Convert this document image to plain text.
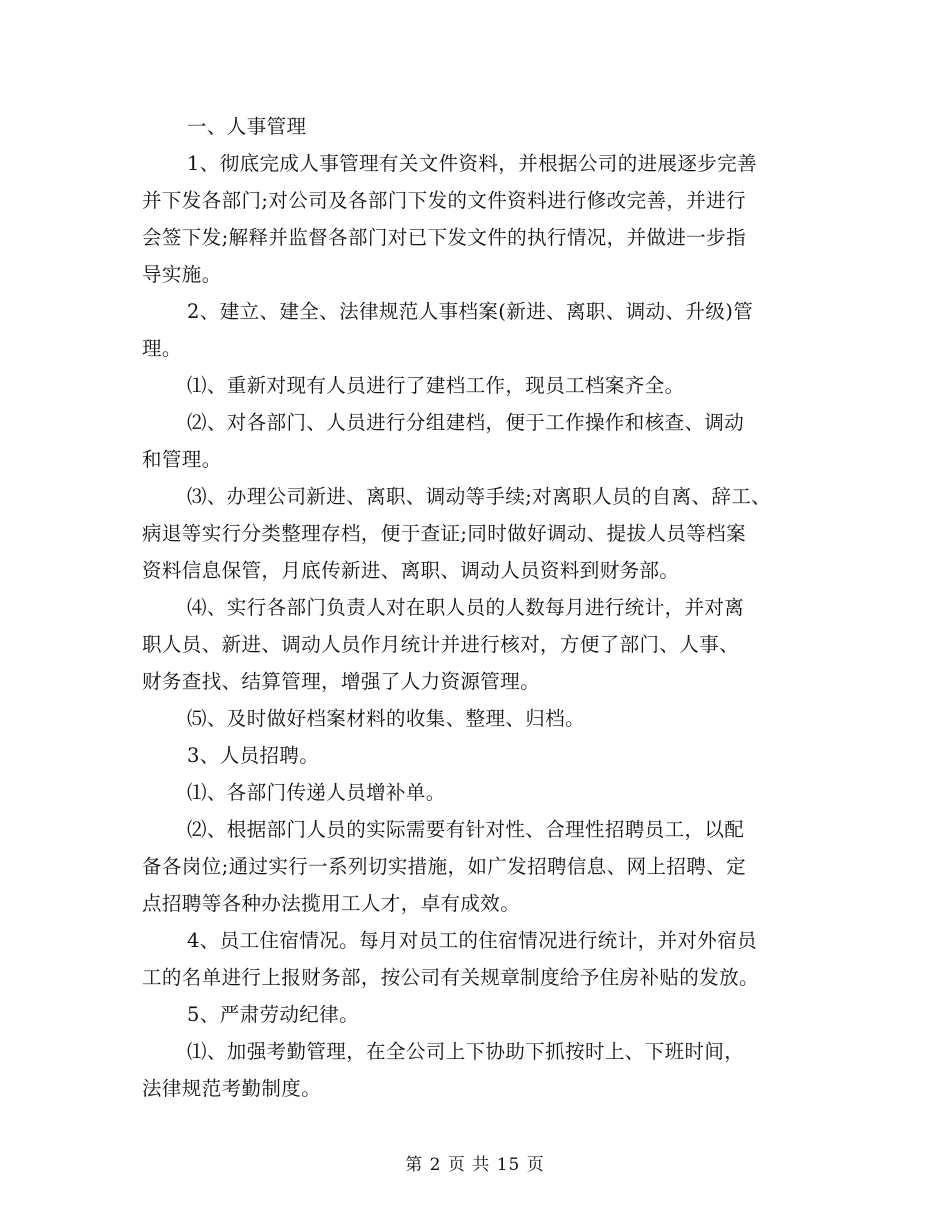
一、人事管理
1、彻底完成人事管理有关文件资料，并根据公司的进展逐步完善
并下发各部门;对公司及各部门下发的文件资料进行修改完善，并进行
会签下发;解释并监督各部门对已下发文件的执行情况，并做进一步指
导实施。
2、建立、建全、法律规范人事档案(新进、离职、调动、升级)管
理。
⑴、重新对现有人员进行了建档工作，现员工档案齐全。
⑵、对各部门、人员进行分组建档，便于工作操作和核查、调动
和管理。
⑶、办理公司新进、离职、调动等手续;对离职人员的自离、辞工、
病退等实行分类整理存档，便于查证;同时做好调动、提拔人员等档案
资料信息保管，月底传新进、离职、调动人员资料到财务部。
⑷、实行各部门负责人对在职人员的人数每月进行统计，并对离
职人员、新进、调动人员作月统计并进行核对，方便了部门、人事、
财务查找、结算管理，增强了人力资源管理。
⑸、及时做好档案材料的收集、整理、归档。
3、人员招聘。
⑴、各部门传递人员增补单。
⑵、根据部门人员的实际需要有针对性、合理性招聘员工，以配
备各岗位;通过实行一系列切实措施，如广发招聘信息、网上招聘、定
点招聘等各种办法揽用工人才，卓有成效。
4、员工住宿情况。每月对员工的住宿情况进行统计，并对外宿员
工的名单进行上报财务部，按公司有关规章制度给予住房补贴的发放。
5、严肃劳动纪律。
⑴、加强考勤管理，在全公司上下协助下抓按时上、下班时间，
法律规范考勤制度。
第 2 页 共 15 页
